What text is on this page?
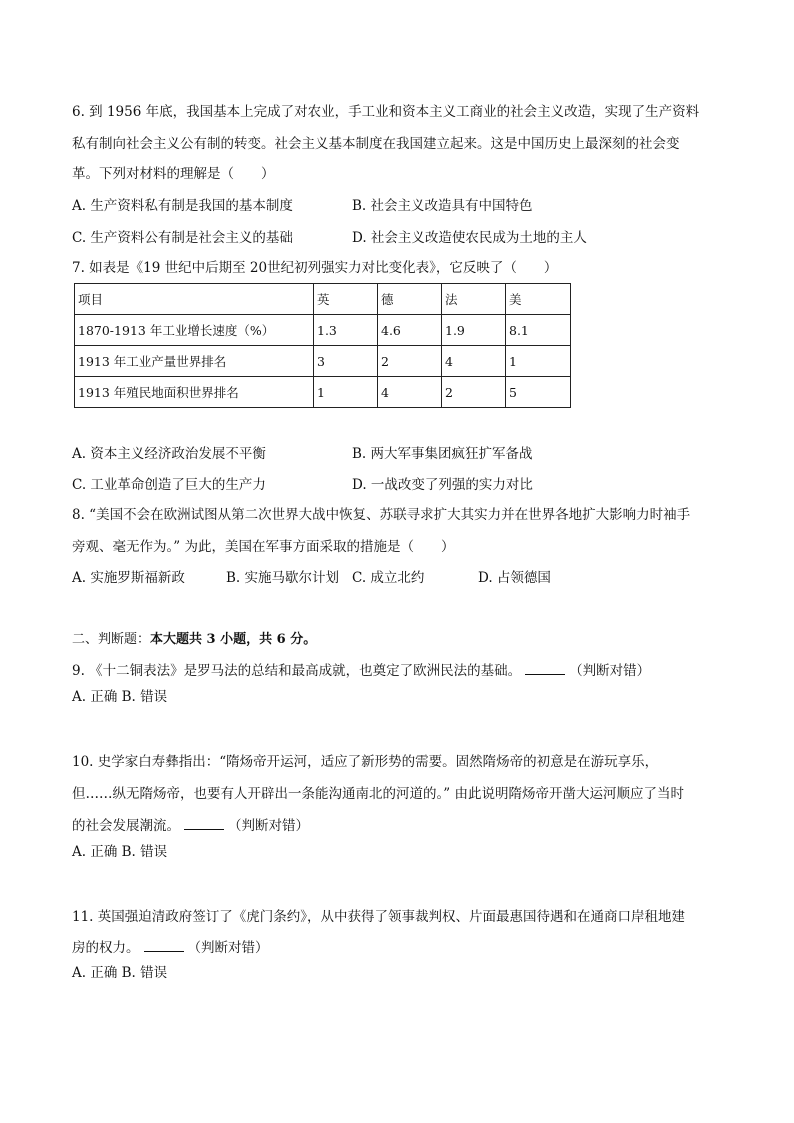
6. 到 1956 年底，我国基本上完成了对农业，手工业和资本主义工商业的社会主义改造，实现了生产资料
私有制向社会主义公有制的转变。社会主义基本制度在我国建立起来。这是中国历史上最深刻的社会变
革。下列对材料的理解是（　　）
A. 生产资料私有制是我国的基本制度	B. 社会主义改造具有中国特色
C. 生产资料公有制是社会主义的基础	D. 社会主义改造使农民成为土地的主人
7. 如表是《19 世纪中后期至 20世纪初列强实力对比变化表》，它反映了（　　）
项目	英	德	法	美
1870-1913 年工业增长速度（%）	1.3	4.6	1.9	8.1
1913 年工业产量世界排名	3	2	4	1
1913 年殖民地面积世界排名	1	4	2	5
A. 资本主义经济政治发展不平衡	B. 两大军事集团疯狂扩军备战
C. 工业革命创造了巨大的生产力	D. 一战改变了列强的实力对比
8. “美国不会在欧洲试图从第二次世界大战中恢复、苏联寻求扩大其实力并在世界各地扩大影响力时袖手
旁观、毫无作为。” 为此，美国在军事方面采取的措施是（　　）
A. 实施罗斯福新政	B. 实施马歇尔计划 C. 成立北约	D. 占领德国
二、判断题：本大题共 3 小题，共 6 分。
9. 《十二铜表法》是罗马法的总结和最高成就，也奠定了欧洲民法的基础。	（判断对错）
A. 正确 B. 错误
10. 史学家白寿彝指出：“隋炀帝开运河，适应了新形势的需要。固然隋炀帝的初意是在游玩享乐，
但……纵无隋炀帝，也要有人开辟出一条能沟通南北的河道的。” 由此说明隋炀帝开凿大运河顺应了当时
的社会发展潮流。	（判断对错）
A. 正确 B. 错误
11. 英国强迫清政府签订了《虎门条约》，从中获得了领事裁判权、片面最惠国待遇和在通商口岸租地建
房的权力。	（判断对错）
A. 正确 B. 错误
